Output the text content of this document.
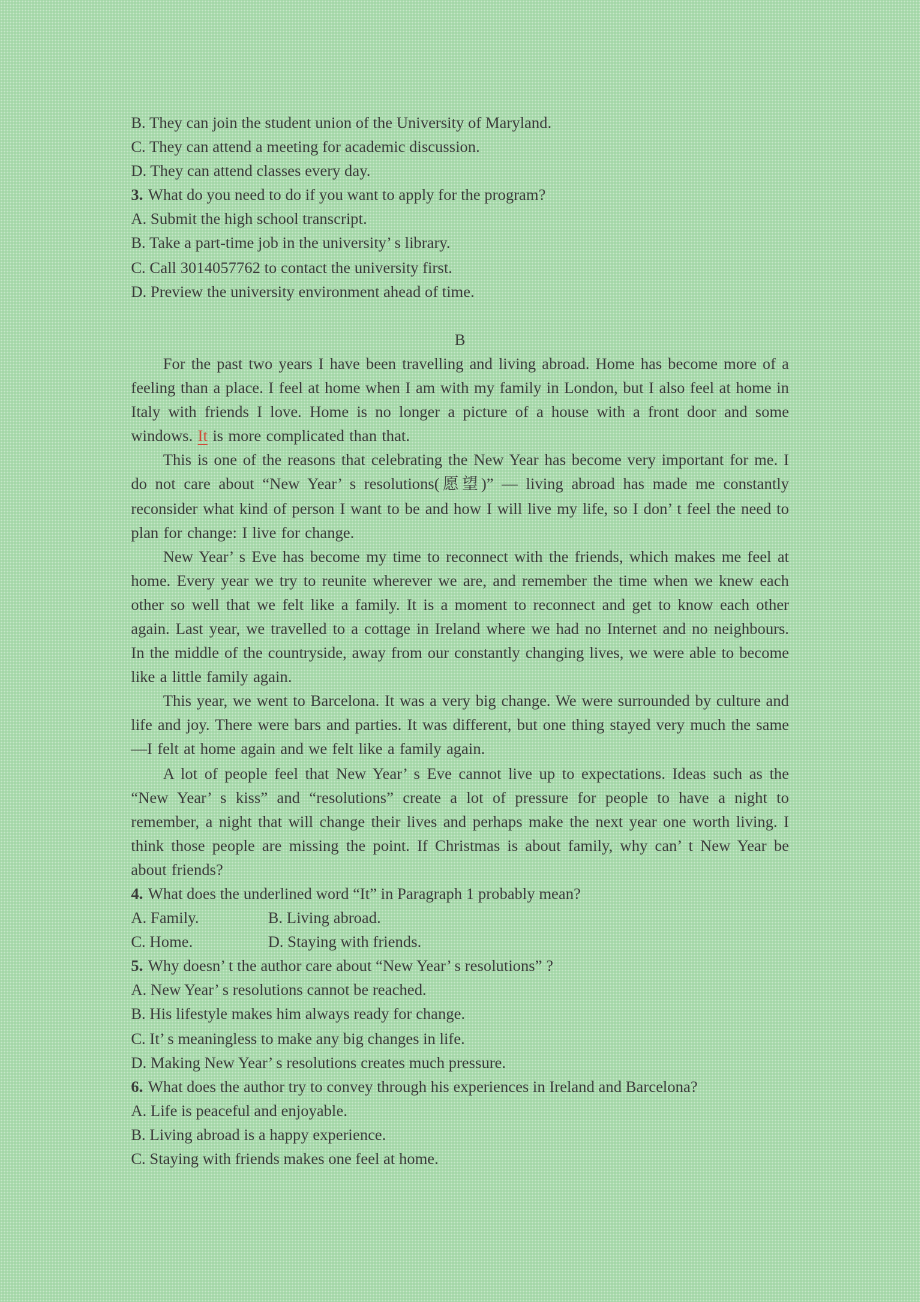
B. They can join the student union of the University of Maryland.
C. They can attend a meeting for academic discussion.
D. They can attend classes every day.
3. What do you need to do if you want to apply for the program?
A. Submit the high school transcript.
B. Take a part-time job in the university’ s library.
C. Call 3014057762 to contact the university first.
D. Preview the university environment ahead of time.
B

For the past two years I have been travelling and living abroad. Home has become more of a feeling than a place. I feel at home when I am with my family in London, but I also feel at home in Italy with friends I love. Home is no longer a picture of a house with a front door and some windows. It is more complicated than that.

This is one of the reasons that celebrating the New Year has become very important for me. I do not care about “New Year’ s resolutions(愿望)” — living abroad has made me constantly reconsider what kind of person I want to be and how I will live my life, so I don’ t feel the need to plan for change: I live for change.

New Year’ s Eve has become my time to reconnect with the friends, which makes me feel at home. Every year we try to reunite wherever we are, and remember the time when we knew each other so well that we felt like a family. It is a moment to reconnect and get to know each other again. Last year, we travelled to a cottage in Ireland where we had no Internet and no neighbours. In the middle of the countryside, away from our constantly changing lives, we were able to become like a little family again.

This year, we went to Barcelona. It was a very big change. We were surrounded by culture and life and joy. There were bars and parties. It was different, but one thing stayed very much the same—I felt at home again and we felt like a family again.

A lot of people feel that New Year’ s Eve cannot live up to expectations. Ideas such as the “New Year’ s kiss” and “resolutions” create a lot of pressure for people to have a night to remember, a night that will change their lives and perhaps make the next year one worth living. I think those people are missing the point. If Christmas is about family, why can’ t New Year be about friends?

4. What does the underlined word “It” in Paragraph 1 probably mean?
A. Family.	B. Living abroad.
C. Home.	D. Staying with friends.
5. Why doesn’ t the author care about “New Year’ s resolutions” ?
A. New Year’ s resolutions cannot be reached.
B. His lifestyle makes him always ready for change.
C. It’ s meaningless to make any big changes in life.
D. Making New Year’ s resolutions creates much pressure.
6. What does the author try to convey through his experiences in Ireland and Barcelona?
A. Life is peaceful and enjoyable.
B. Living abroad is a happy experience.
C. Staying with friends makes one feel at home.
